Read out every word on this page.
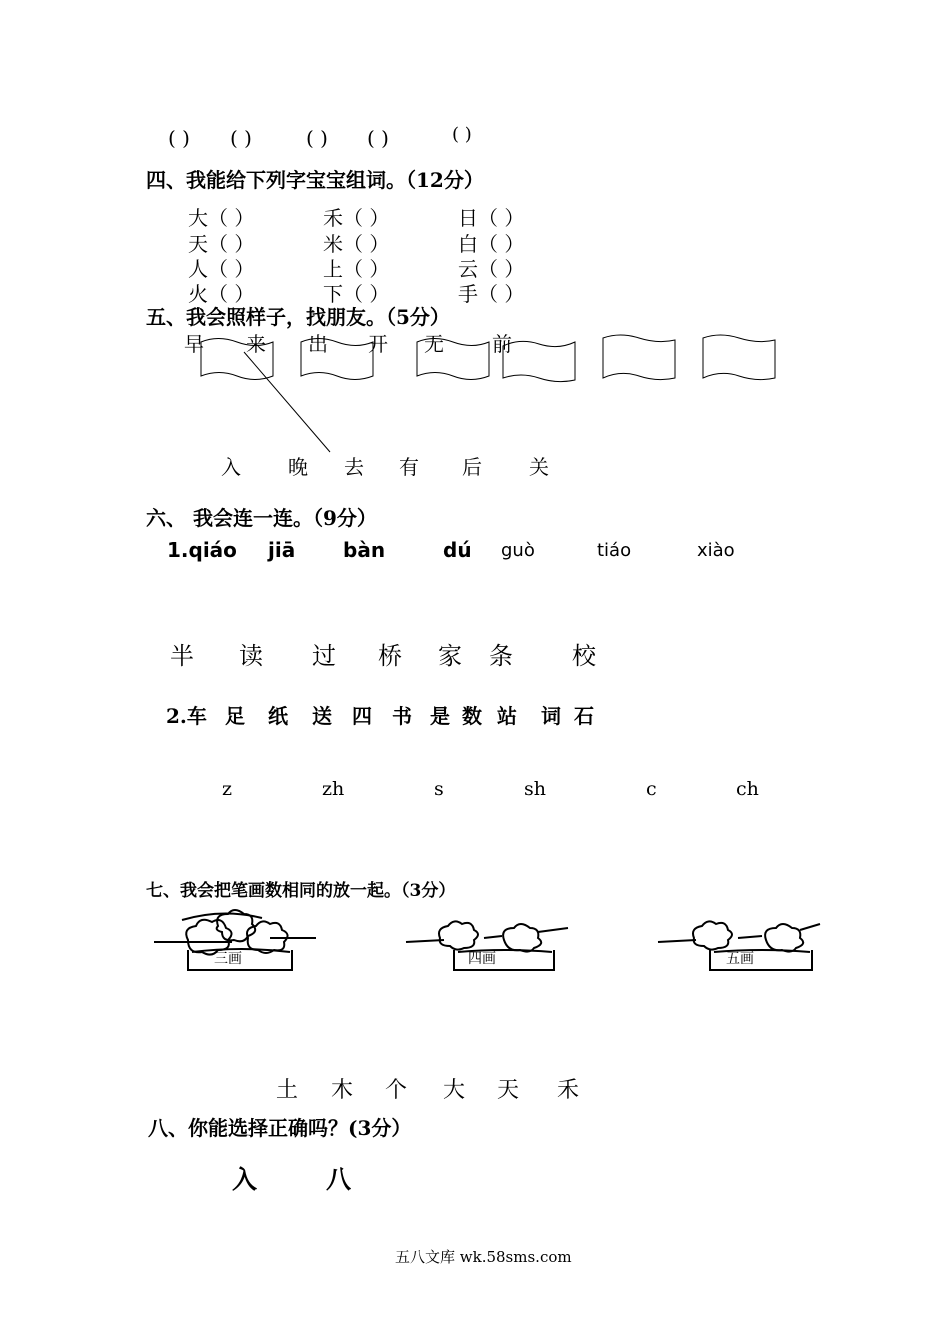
( ) ( )	( ) ( )	( )
四、我能给下列字宝宝组词。（12分）
大（ ）	禾（ ）	日（ ）
天（ ）	米（ ）	白（ ）
人（ ）	上（ ）	云（ ）
火（ ）	下（ ）	手（ ）
五、我会照样子，找朋友。（5分）
早 来 出 开 无 前
入 晚 去 有 后 关
六、 我会连一连。（9分）
1.qiáo jiā bàn	dú guò	tiáo	xiào
半 读 过 桥 家 条 校
2.车 足 纸 送 四 书 是 数 站 词 石
z	zh	s	sh	c	ch
七、我会把笔画数相同的放一起。（3分）
三画	四画	五画
土 木 个 大 天 禾
八、你能选择正确吗？(3分）
入	八
五八文库 wk.58sms.com
